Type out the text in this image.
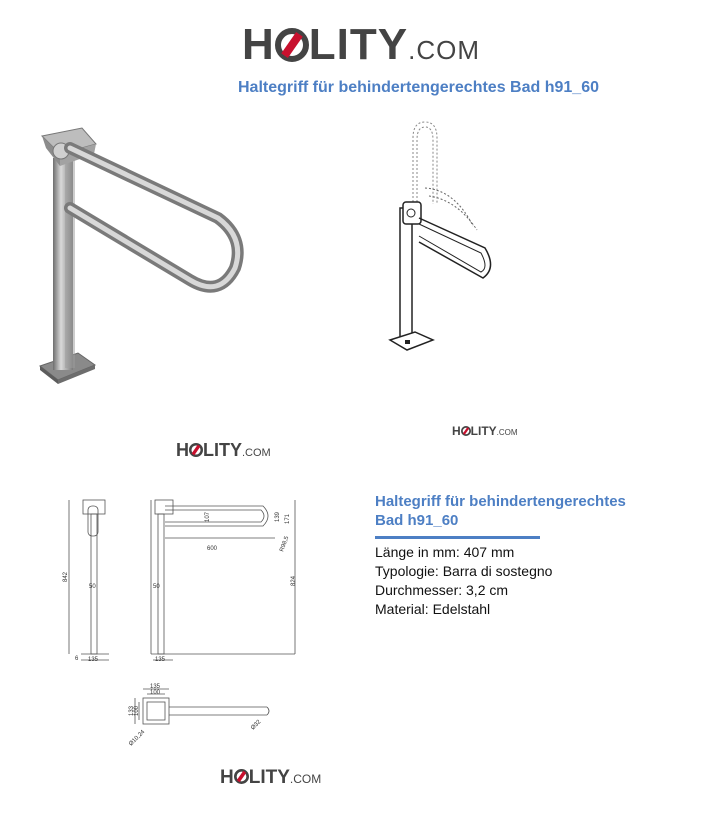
H LITY.COM
Haltegriff für behindertengerechtes Bad h91_60
H LITY.COM
H LITY.COM
842
50
6 135
107	139 171
600	R98,5
824
50
135
135
100
133 100
Ø10,24
Ø32
H LITY.COM
Haltegriff für behindertengerechtes
Bad h91_60
Länge in mm: 407 mm
Typologie: Barra di sostegno
Durchmesser: 3,2 cm
Material: Edelstahl
